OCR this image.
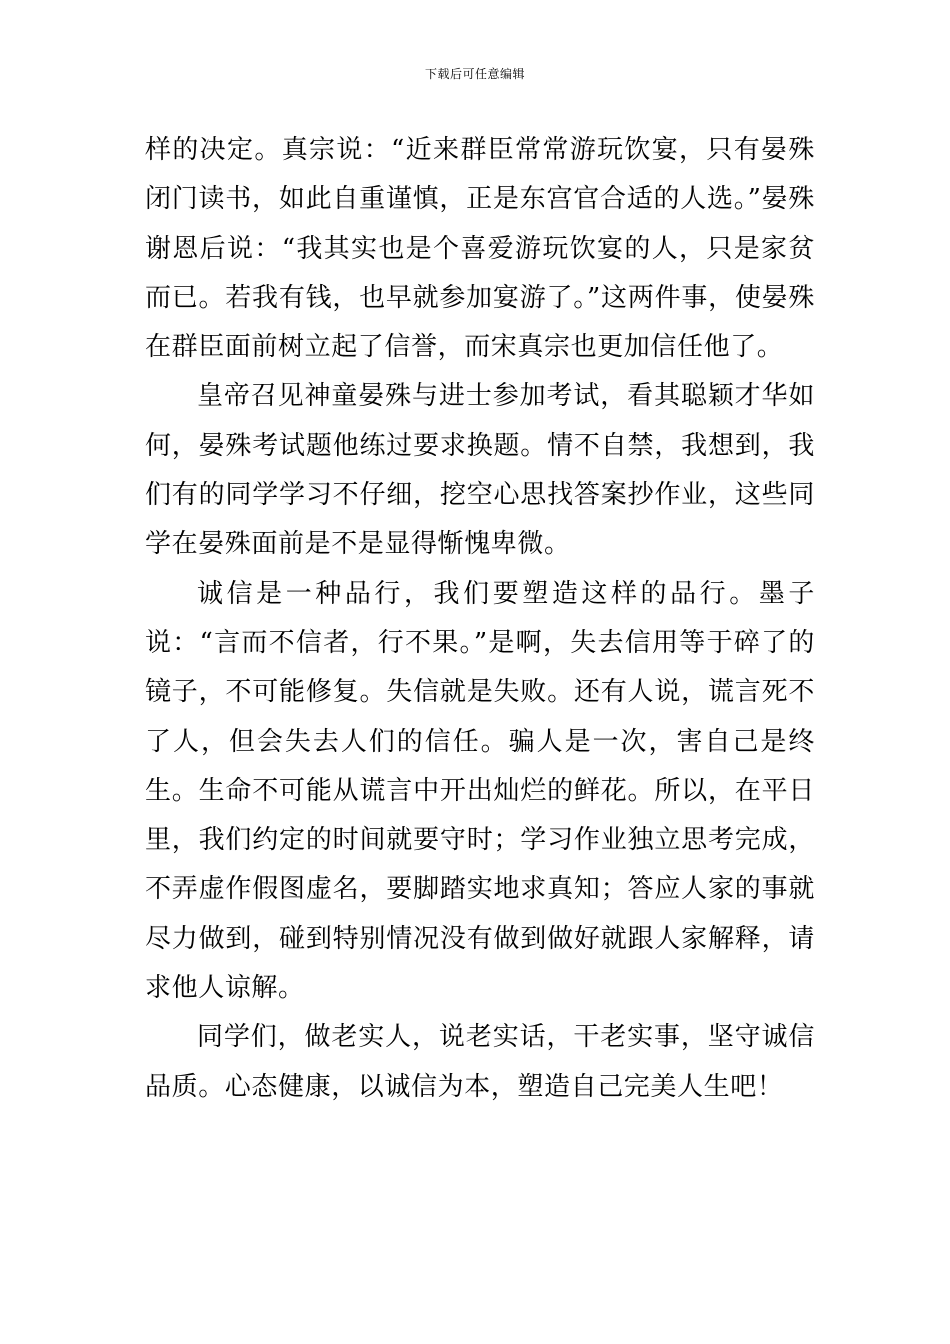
下载后可任意编辑

样的决定。真宗说：“近来群臣常常游玩饮宴，只有晏殊闭门读书，如此自重谨慎，正是东宫官合适的人选。”晏殊谢恩后说：“我其实也是个喜爱游玩饮宴的人，只是家贫而已。若我有钱，也早就参加宴游了。”这两件事，使晏殊在群臣面前树立起了信誉，而宋真宗也更加信任他了。

皇帝召见神童晏殊与进士参加考试，看其聪颖才华如何，晏殊考试题他练过要求换题。情不自禁，我想到，我们有的同学学习不仔细，挖空心思找答案抄作业，这些同学在晏殊面前是不是显得惭愧卑微。

诚信是一种品行，我们要塑造这样的品行。墨子说：“言而不信者，行不果。”是啊，失去信用等于碎了的镜子，不可能修复。失信就是失败。还有人说，谎言死不了人，但会失去人们的信任。骗人是一次，害自己是终生。生命不可能从谎言中开出灿烂的鲜花。所以，在平日里，我们约定的时间就要守时；学习作业独立思考完成，不弄虚作假图虚名，要脚踏实地求真知；答应人家的事就尽力做到，碰到特别情况没有做到做好就跟人家解释，请求他人谅解。

同学们，做老实人，说老实话，干老实事，坚守诚信品质。心态健康，以诚信为本，塑造自己完美人生吧！
